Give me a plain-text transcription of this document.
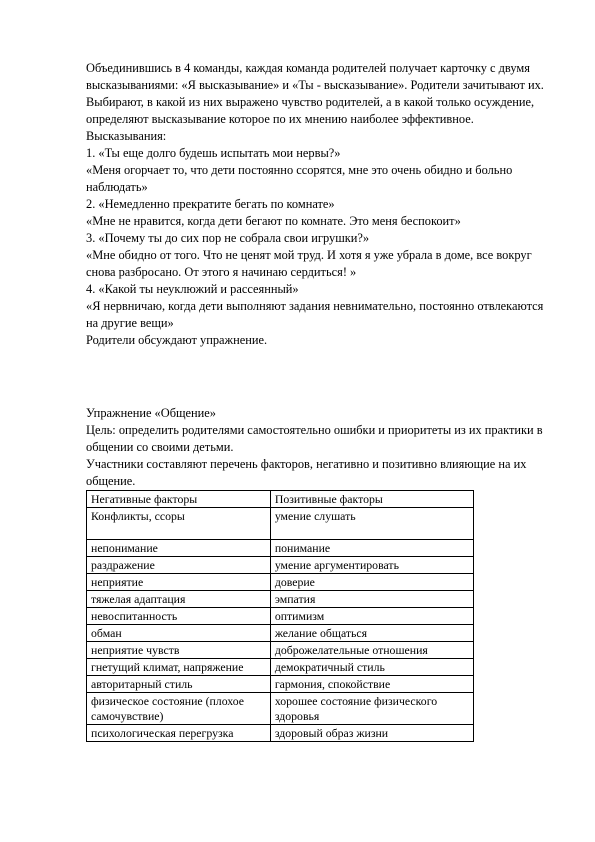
Объединившись в 4 команды, каждая команда родителей получает карточку с двумя высказываниями: «Я высказывание» и «Ты - высказывание». Родители зачитывают их. Выбирают, в какой из них выражено чувство родителей, а в какой только осуждение, определяют высказывание которое по их мнению наиболее эффективное.

Высказывания:

1. «Ты еще долго будешь испытать мои нервы?»

«Меня огорчает то, что дети постоянно ссорятся, мне это очень обидно и больно наблюдать»

2. «Немедленно прекратите бегать по комнате»

«Мне не нравится, когда дети бегают по комнате. Это меня беспокоит»

3. «Почему ты до сих пор не собрала свои игрушки?»

«Мне обидно от того. Что не ценят мой труд. И хотя я уже убрала в доме, все вокруг снова разбросано. От этого я начинаю сердиться! »

4. «Какой ты неуклюжий и рассеянный»

«Я нервничаю, когда дети выполняют задания невнимательно, постоянно отвлекаются на другие вещи»

Родители обсуждают упражнение.

Упражнение «Общение»

Цель: определить родителями самостоятельно ошибки и приоритеты из их практики в общении со своими детьми.

Участники составляют перечень факторов, негативно и позитивно влияющие на их общение.

Негативные факторы	Позитивные факторы
Конфликты, ссоры	умение слушать
непонимание	понимание
раздражение	умение аргументировать
неприятие	доверие
тяжелая адаптация	эмпатия
невоспитанность	оптимизм
обман	желание общаться
неприятие чувств	доброжелательные отношения
гнетущий климат, напряжение	демократичный стиль
авторитарный стиль	гармония, спокойствие
физическое состояние (плохое самочувствие)	хорошее состояние физического здоровья
психологическая перегрузка	здоровый образ жизни
